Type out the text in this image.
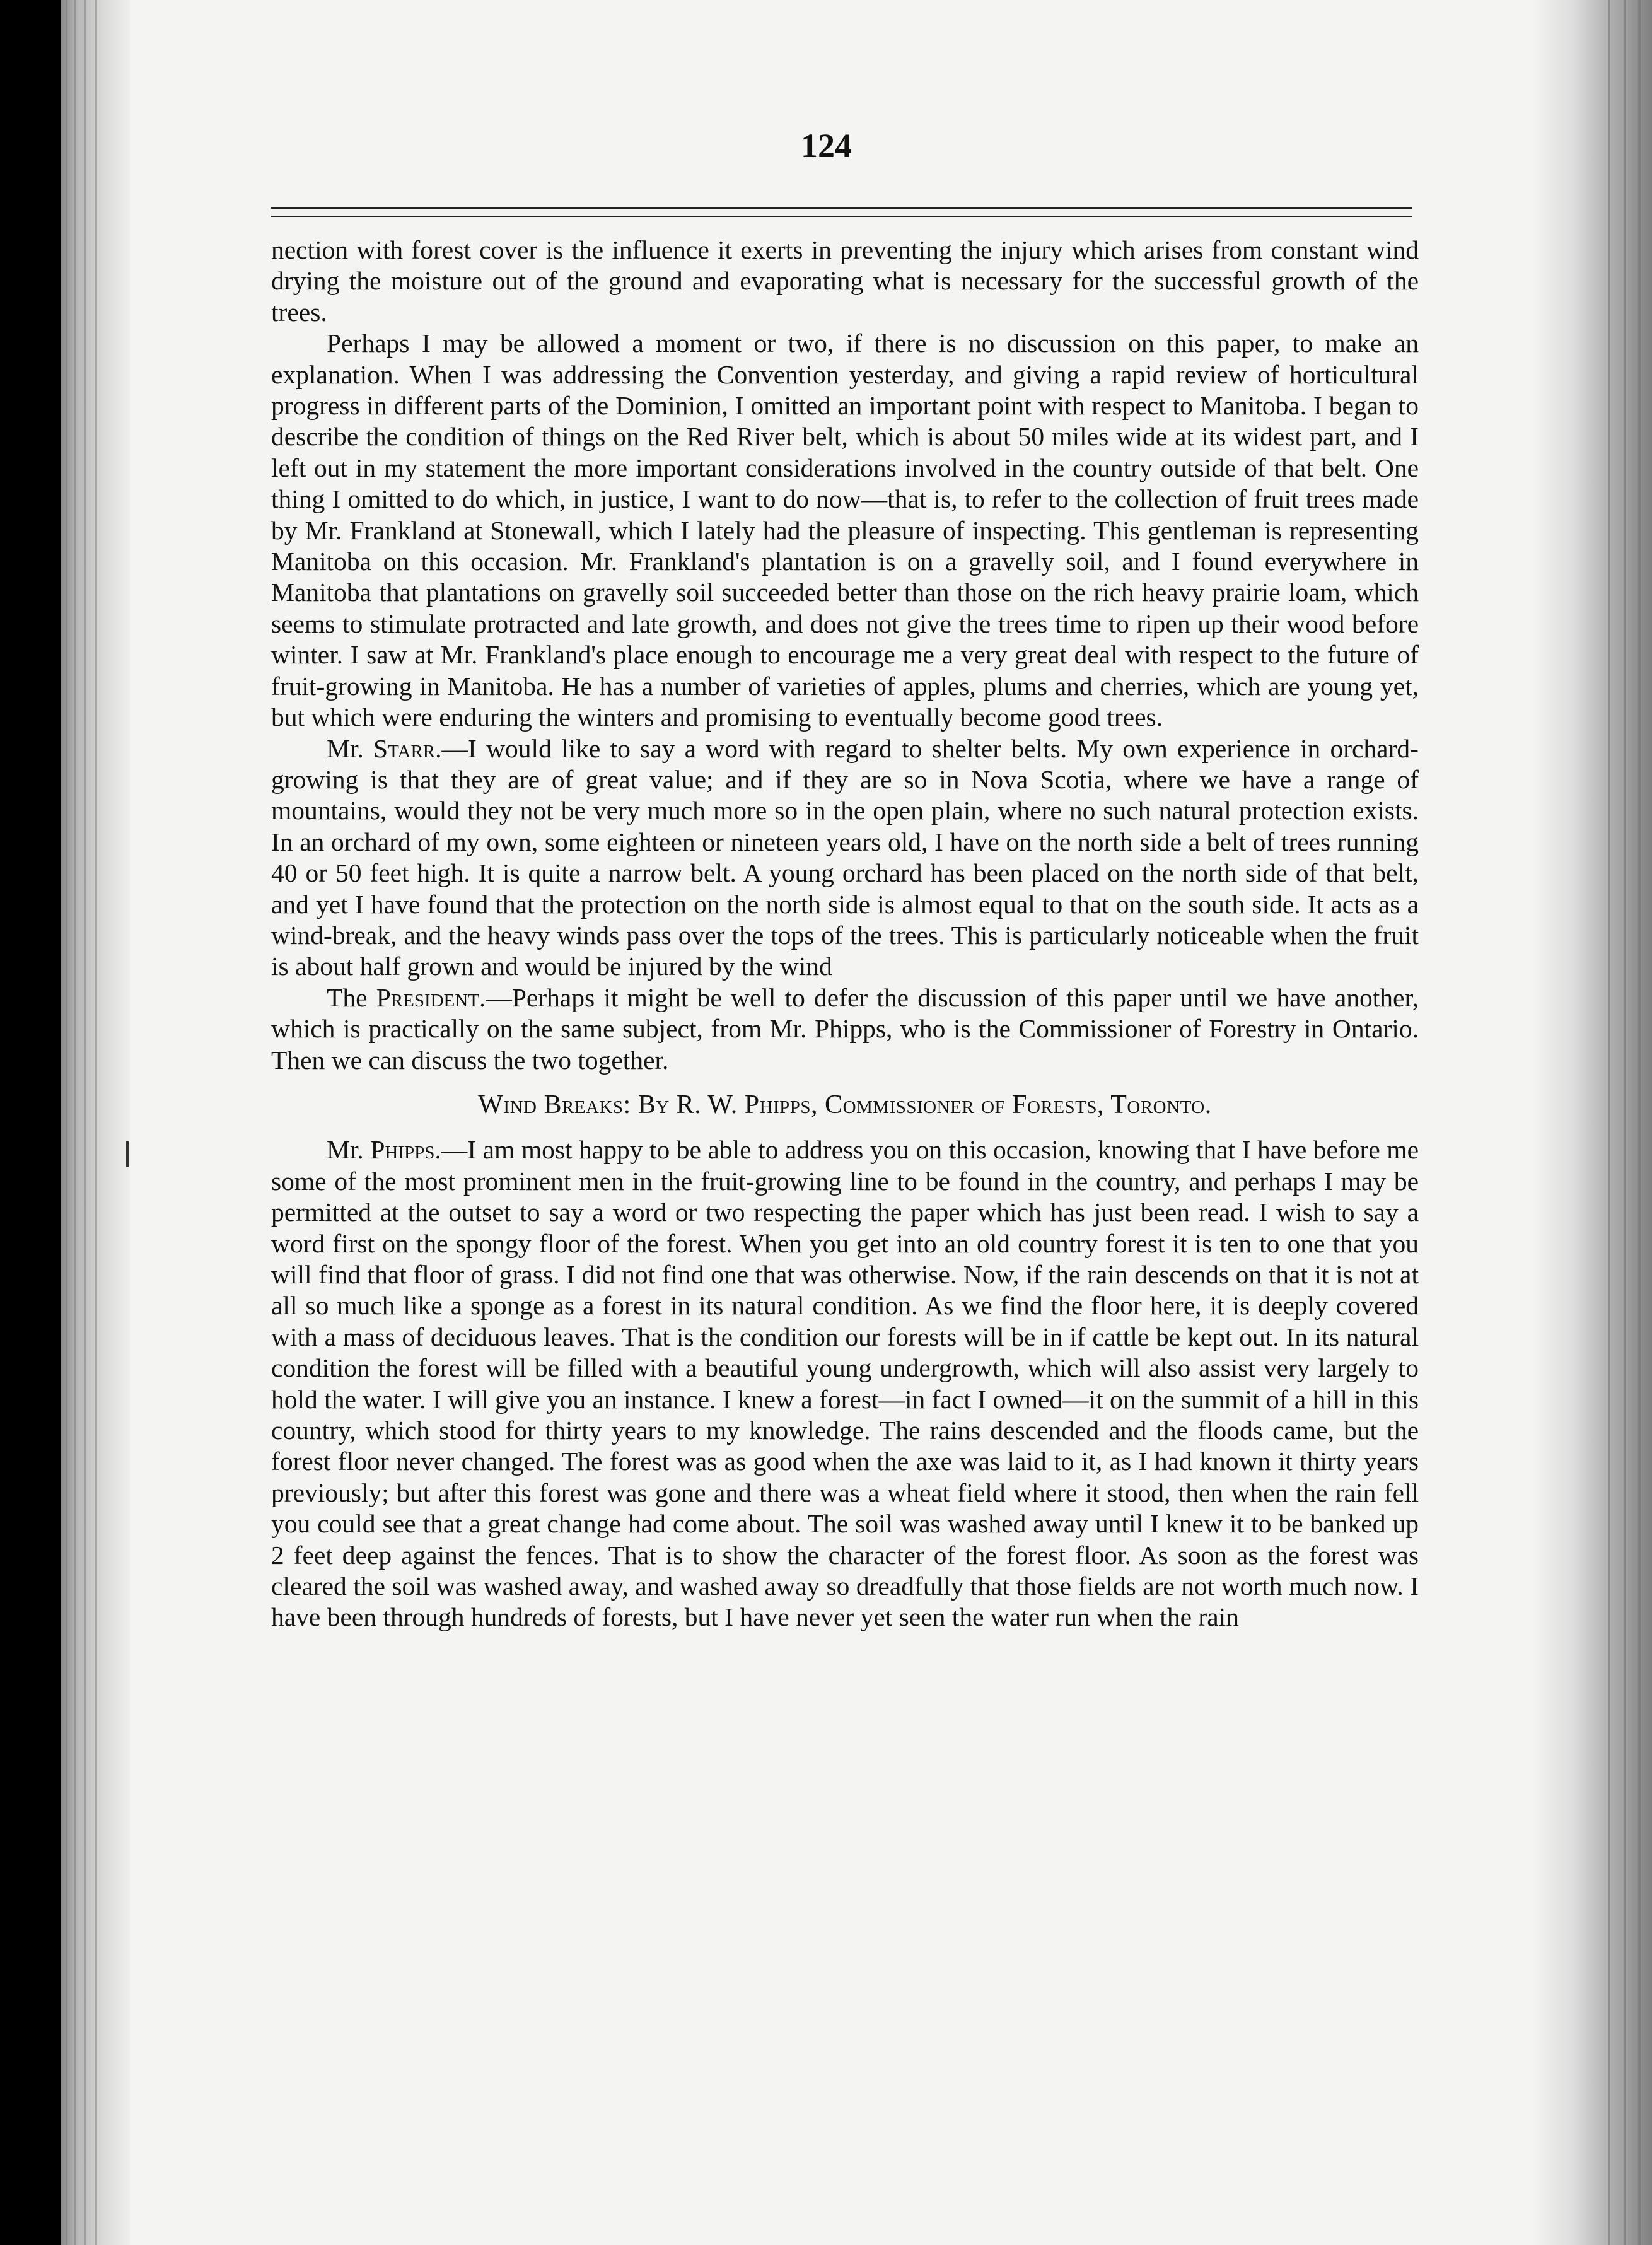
124

nection with forest cover is the influence it exerts in preventing the injury which arises from constant wind drying the moisture out of the ground and evaporating what is necessary for the successful growth of the trees.

Perhaps I may be allowed a moment or two, if there is no discussion on this paper, to make an explanation. When I was addressing the Convention yesterday, and giving a rapid review of horticultural progress in different parts of the Dominion, I omitted an important point with respect to Manitoba. I began to describe the condition of things on the Red River belt, which is about 50 miles wide at its widest part, and I left out in my statement the more important considerations involved in the country outside of that belt. One thing I omitted to do which, in justice, I want to do now—that is, to refer to the collection of fruit trees made by Mr. Frankland at Stonewall, which I lately had the pleasure of inspecting. This gentleman is representing Manitoba on this occasion. Mr. Frankland's plantation is on a gravelly soil, and I found everywhere in Manitoba that plantations on gravelly soil succeeded better than those on the rich heavy prairie loam, which seems to stimulate protracted and late growth, and does not give the trees time to ripen up their wood before winter. I saw at Mr. Frankland's place enough to encourage me a very great deal with respect to the future of fruit-growing in Manitoba. He has a number of varieties of apples, plums and cherries, which are young yet, but which were enduring the winters and promising to eventually become good trees.

Mr. Starr.—I would like to say a word with regard to shelter belts. My own experience in orchard-growing is that they are of great value; and if they are so in Nova Scotia, where we have a range of mountains, would they not be very much more so in the open plain, where no such natural protection exists. In an orchard of my own, some eighteen or nineteen years old, I have on the north side a belt of trees running 40 or 50 feet high. It is quite a narrow belt. A young orchard has been placed on the north side of that belt, and yet I have found that the protection on the north side is almost equal to that on the south side. It acts as a wind-break, and the heavy winds pass over the tops of the trees. This is particularly noticeable when the fruit is about half grown and would be injured by the wind

The President.—Perhaps it might be well to defer the discussion of this paper until we have another, which is practically on the same subject, from Mr. Phipps, who is the Commissioner of Forestry in Ontario. Then we can discuss the two together.

Wind Breaks: By R. W. Phipps, Commissioner of Forests, Toronto.

Mr. Phipps.—I am most happy to be able to address you on this occasion, knowing that I have before me some of the most prominent men in the fruit-growing line to be found in the country, and perhaps I may be permitted at the outset to say a word or two respecting the paper which has just been read. I wish to say a word first on the spongy floor of the forest. When you get into an old country forest it is ten to one that you will find that floor of grass. I did not find one that was otherwise. Now, if the rain descends on that it is not at all so much like a sponge as a forest in its natural condition. As we find the floor here, it is deeply covered with a mass of deciduous leaves. That is the condition our forests will be in if cattle be kept out. In its natural condition the forest will be filled with a beautiful young undergrowth, which will also assist very largely to hold the water. I will give you an instance. I knew a forest—in fact I owned—it on the summit of a hill in this country, which stood for thirty years to my knowledge. The rains descended and the floods came, but the forest floor never changed. The forest was as good when the axe was laid to it, as I had known it thirty years previously; but after this forest was gone and there was a wheat field where it stood, then when the rain fell you could see that a great change had come about. The soil was washed away until I knew it to be banked up 2 feet deep against the fences. That is to show the character of the forest floor. As soon as the forest was cleared the soil was washed away, and washed away so dreadfully that those fields are not worth much now. I have been through hundreds of forests, but I have never yet seen the water run when the rain
